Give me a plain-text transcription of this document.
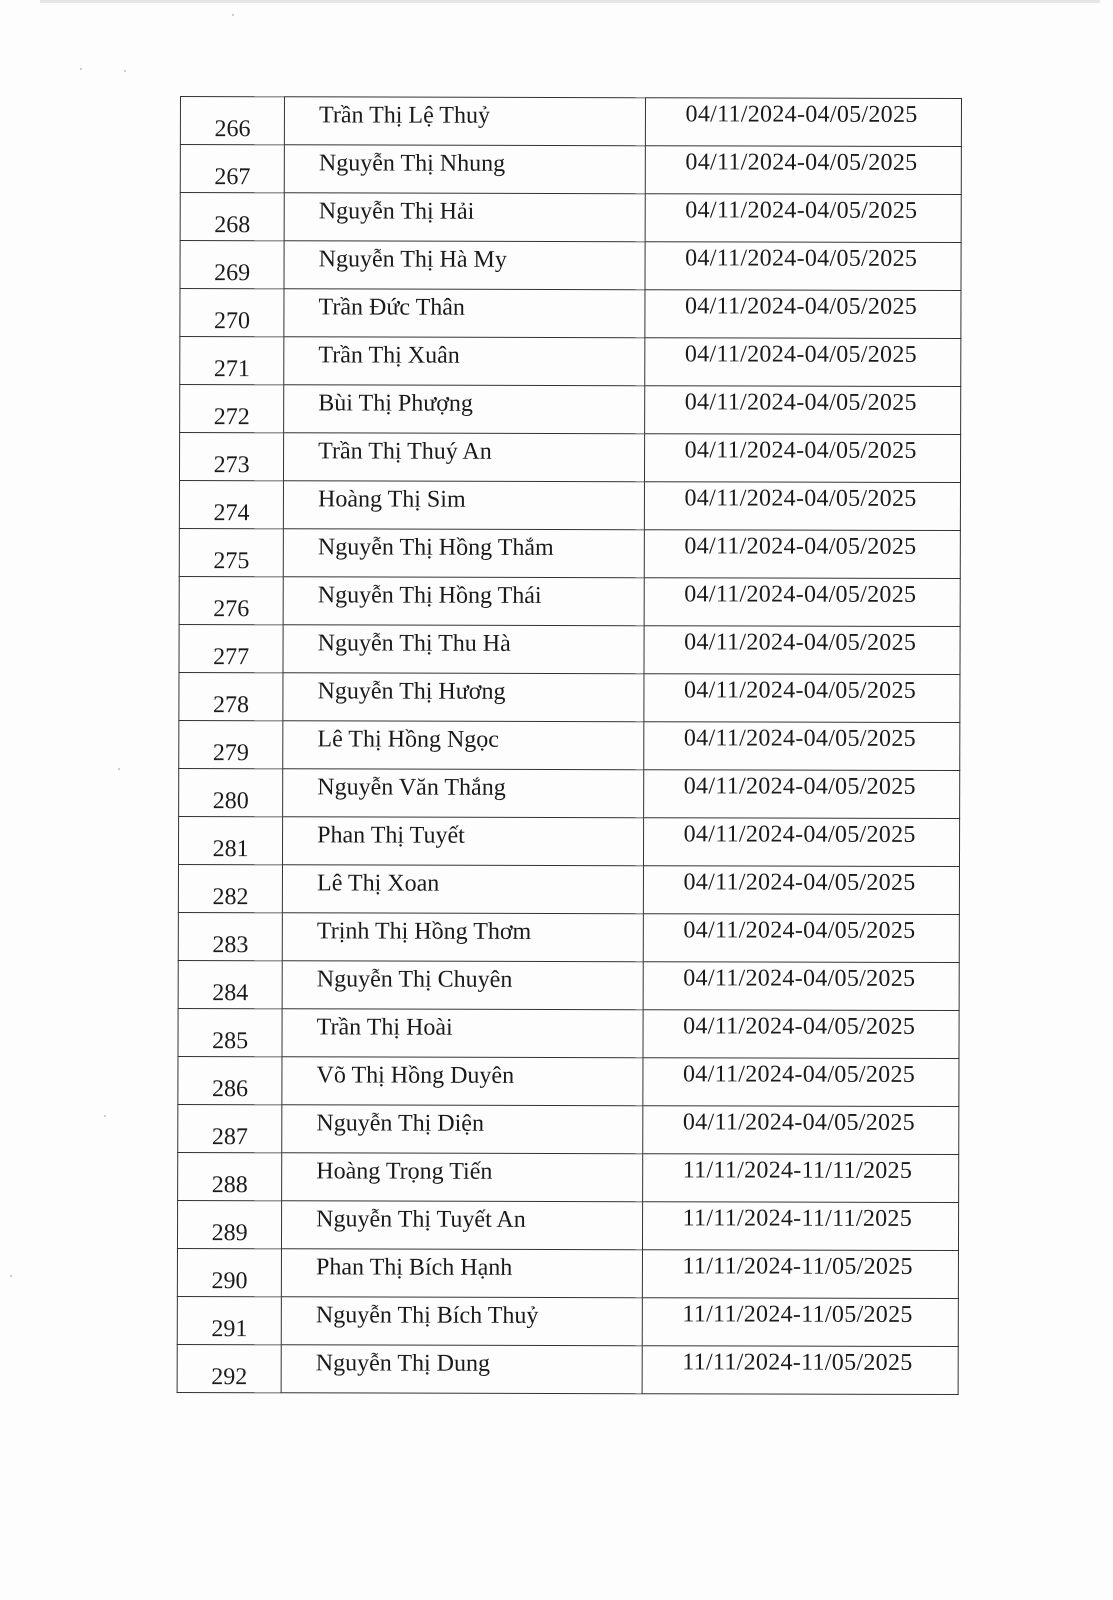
266	Trần Thị Lệ Thuỷ	04/11/2024-04/05/2025

267	Nguyễn Thị Nhung	04/11/2024-04/05/2025

268	Nguyễn Thị Hải	04/11/2024-04/05/2025

269	Nguyễn Thị Hà My	04/11/2024-04/05/2025

270	Trần Đức Thân	04/11/2024-04/05/2025

271	Trần Thị Xuân	04/11/2024-04/05/2025

272	Bùi Thị Phượng	04/11/2024-04/05/2025

273	Trần Thị Thuý An	04/11/2024-04/05/2025

274	Hoàng Thị Sim	04/11/2024-04/05/2025

275	Nguyễn Thị Hồng Thắm	04/11/2024-04/05/2025

276	Nguyễn Thị Hồng Thái	04/11/2024-04/05/2025

277	Nguyễn Thị Thu Hà	04/11/2024-04/05/2025

278	Nguyễn Thị Hương	04/11/2024-04/05/2025

279	Lê Thị Hồng Ngọc	04/11/2024-04/05/2025

280	Nguyễn Văn Thắng	04/11/2024-04/05/2025

281	Phan Thị Tuyết	04/11/2024-04/05/2025

282	Lê Thị Xoan	04/11/2024-04/05/2025

283	Trịnh Thị Hồng Thơm	04/11/2024-04/05/2025

284	Nguyễn Thị Chuyên	04/11/2024-04/05/2025

285	Trần Thị Hoài	04/11/2024-04/05/2025

286	Võ Thị Hồng Duyên	04/11/2024-04/05/2025

287	Nguyễn Thị Diện	04/11/2024-04/05/2025

288	Hoàng Trọng Tiến	11/11/2024-11/11/2025

289	Nguyễn Thị Tuyết An	11/11/2024-11/11/2025

290	Phan Thị Bích Hạnh	11/11/2024-11/05/2025

291	Nguyễn Thị Bích Thuỷ	11/11/2024-11/05/2025

292	Nguyễn Thị Dung	11/11/2024-11/05/2025
